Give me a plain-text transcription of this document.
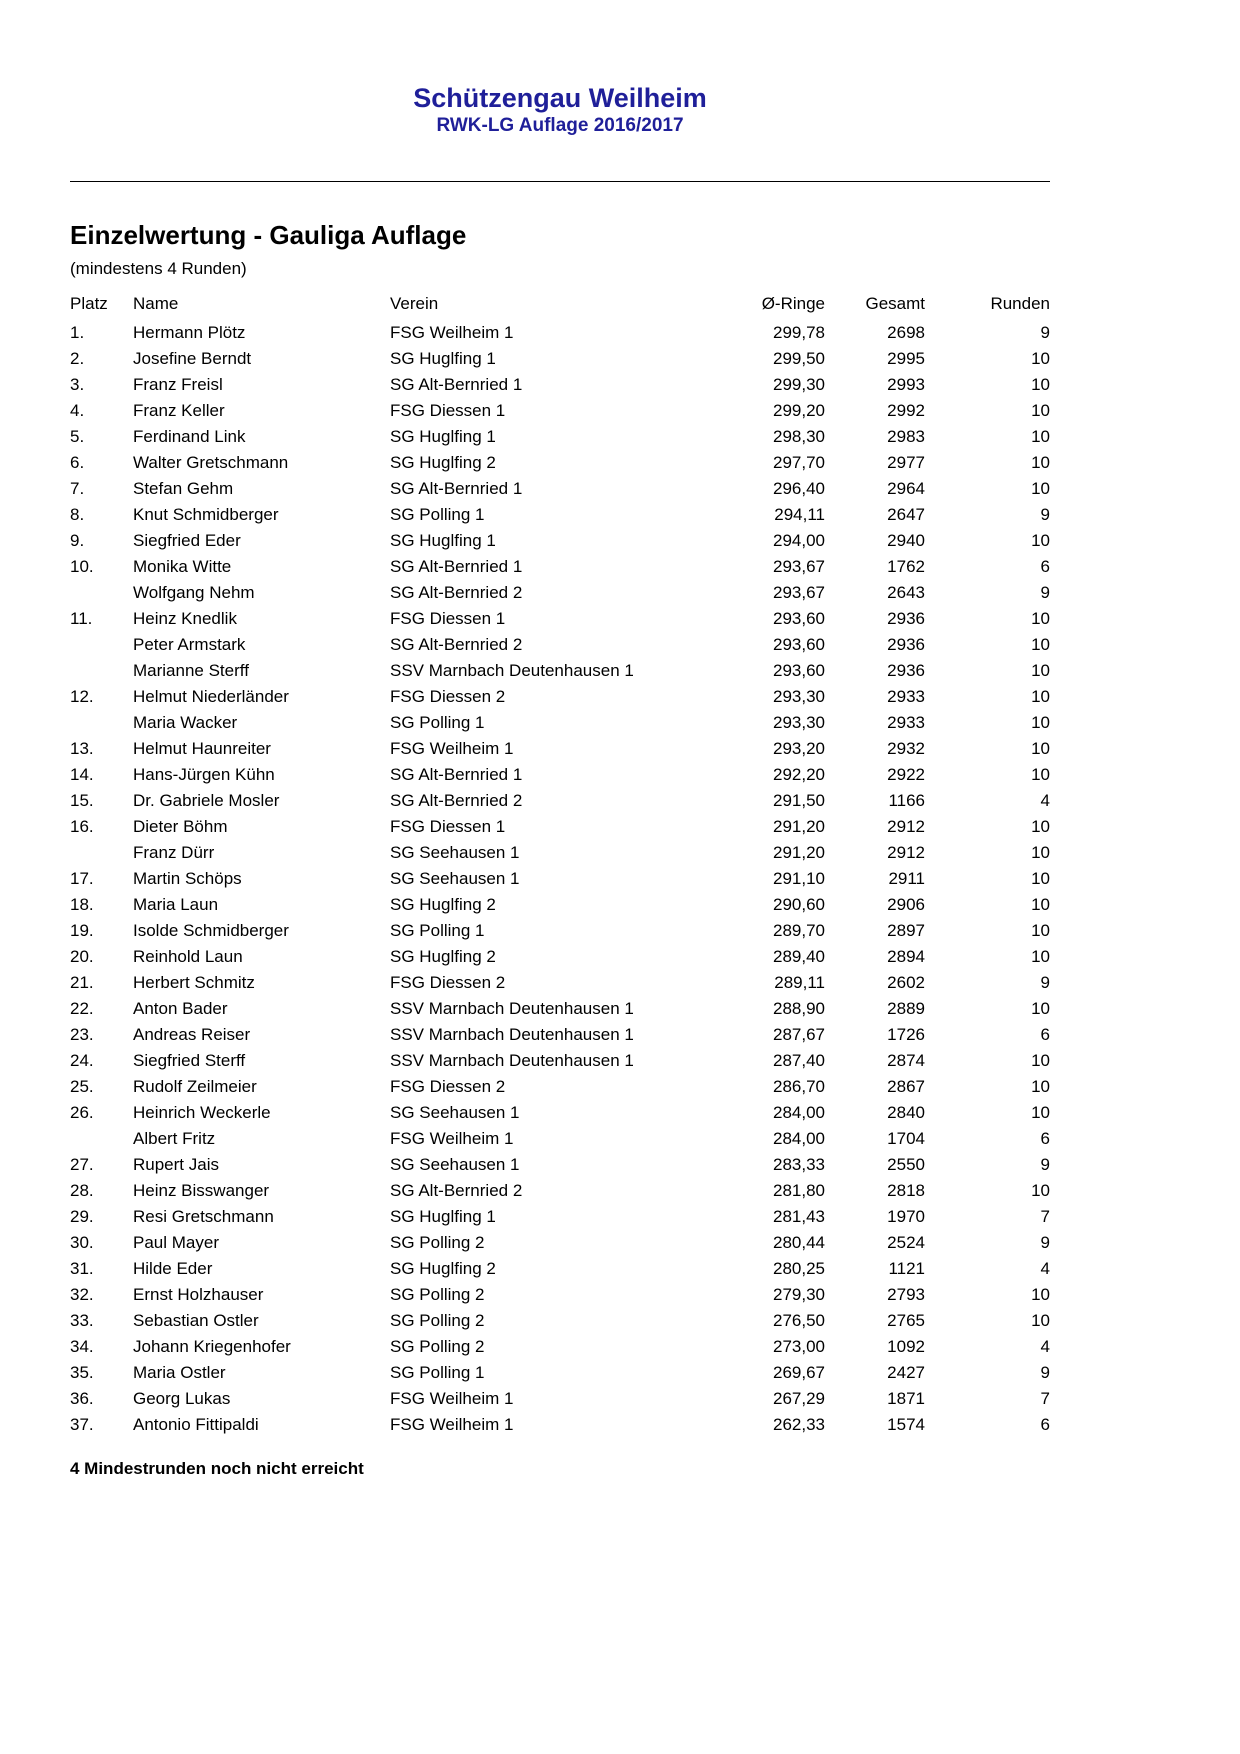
Schützengau Weilheim
RWK-LG Auflage 2016/2017
Einzelwertung - Gauliga Auflage
(mindestens 4 Runden)
Platz	Name	Verein	Ø-Ringe	Gesamt	Runden
1.	Hermann Plötz	FSG Weilheim 1	299,78	2698	9
2.	Josefine Berndt	SG Huglfing 1	299,50	2995	10
3.	Franz Freisl	SG Alt-Bernried 1	299,30	2993	10
4.	Franz Keller	FSG Diessen 1	299,20	2992	10
5.	Ferdinand Link	SG Huglfing 1	298,30	2983	10
6.	Walter Gretschmann	SG Huglfing 2	297,70	2977	10
7.	Stefan Gehm	SG Alt-Bernried 1	296,40	2964	10
8.	Knut Schmidberger	SG Polling 1	294,11	2647	9
9.	Siegfried Eder	SG Huglfing 1	294,00	2940	10
10.	Monika Witte	SG Alt-Bernried 1	293,67	1762	6
Wolfgang Nehm	SG Alt-Bernried 2	293,67	2643	9
11.	Heinz Knedlik	FSG Diessen 1	293,60	2936	10
Peter Armstark	SG Alt-Bernried 2	293,60	2936	10
Marianne Sterff	SSV Marnbach Deutenhausen 1	293,60	2936	10
12.	Helmut Niederländer	FSG Diessen 2	293,30	2933	10
Maria Wacker	SG Polling 1	293,30	2933	10
13.	Helmut Haunreiter	FSG Weilheim 1	293,20	2932	10
14.	Hans-Jürgen Kühn	SG Alt-Bernried 1	292,20	2922	10
15.	Dr. Gabriele Mosler	SG Alt-Bernried 2	291,50	1166	4
16.	Dieter Böhm	FSG Diessen 1	291,20	2912	10
Franz Dürr	SG Seehausen 1	291,20	2912	10
17.	Martin Schöps	SG Seehausen 1	291,10	2911	10
18.	Maria Laun	SG Huglfing 2	290,60	2906	10
19.	Isolde Schmidberger	SG Polling 1	289,70	2897	10
20.	Reinhold Laun	SG Huglfing 2	289,40	2894	10
21.	Herbert Schmitz	FSG Diessen 2	289,11	2602	9
22.	Anton Bader	SSV Marnbach Deutenhausen 1	288,90	2889	10
23.	Andreas Reiser	SSV Marnbach Deutenhausen 1	287,67	1726	6
24.	Siegfried Sterff	SSV Marnbach Deutenhausen 1	287,40	2874	10
25.	Rudolf Zeilmeier	FSG Diessen 2	286,70	2867	10
26.	Heinrich Weckerle	SG Seehausen 1	284,00	2840	10
Albert Fritz	FSG Weilheim 1	284,00	1704	6
27.	Rupert Jais	SG Seehausen 1	283,33	2550	9
28.	Heinz Bisswanger	SG Alt-Bernried 2	281,80	2818	10
29.	Resi Gretschmann	SG Huglfing 1	281,43	1970	7
30.	Paul Mayer	SG Polling 2	280,44	2524	9
31.	Hilde Eder	SG Huglfing 2	280,25	1121	4
32.	Ernst Holzhauser	SG Polling 2	279,30	2793	10
33.	Sebastian Ostler	SG Polling 2	276,50	2765	10
34.	Johann Kriegenhofer	SG Polling 2	273,00	1092	4
35.	Maria Ostler	SG Polling 1	269,67	2427	9
36.	Georg Lukas	FSG Weilheim 1	267,29	1871	7
37.	Antonio Fittipaldi	FSG Weilheim 1	262,33	1574	6
4 Mindestrunden noch nicht erreicht
